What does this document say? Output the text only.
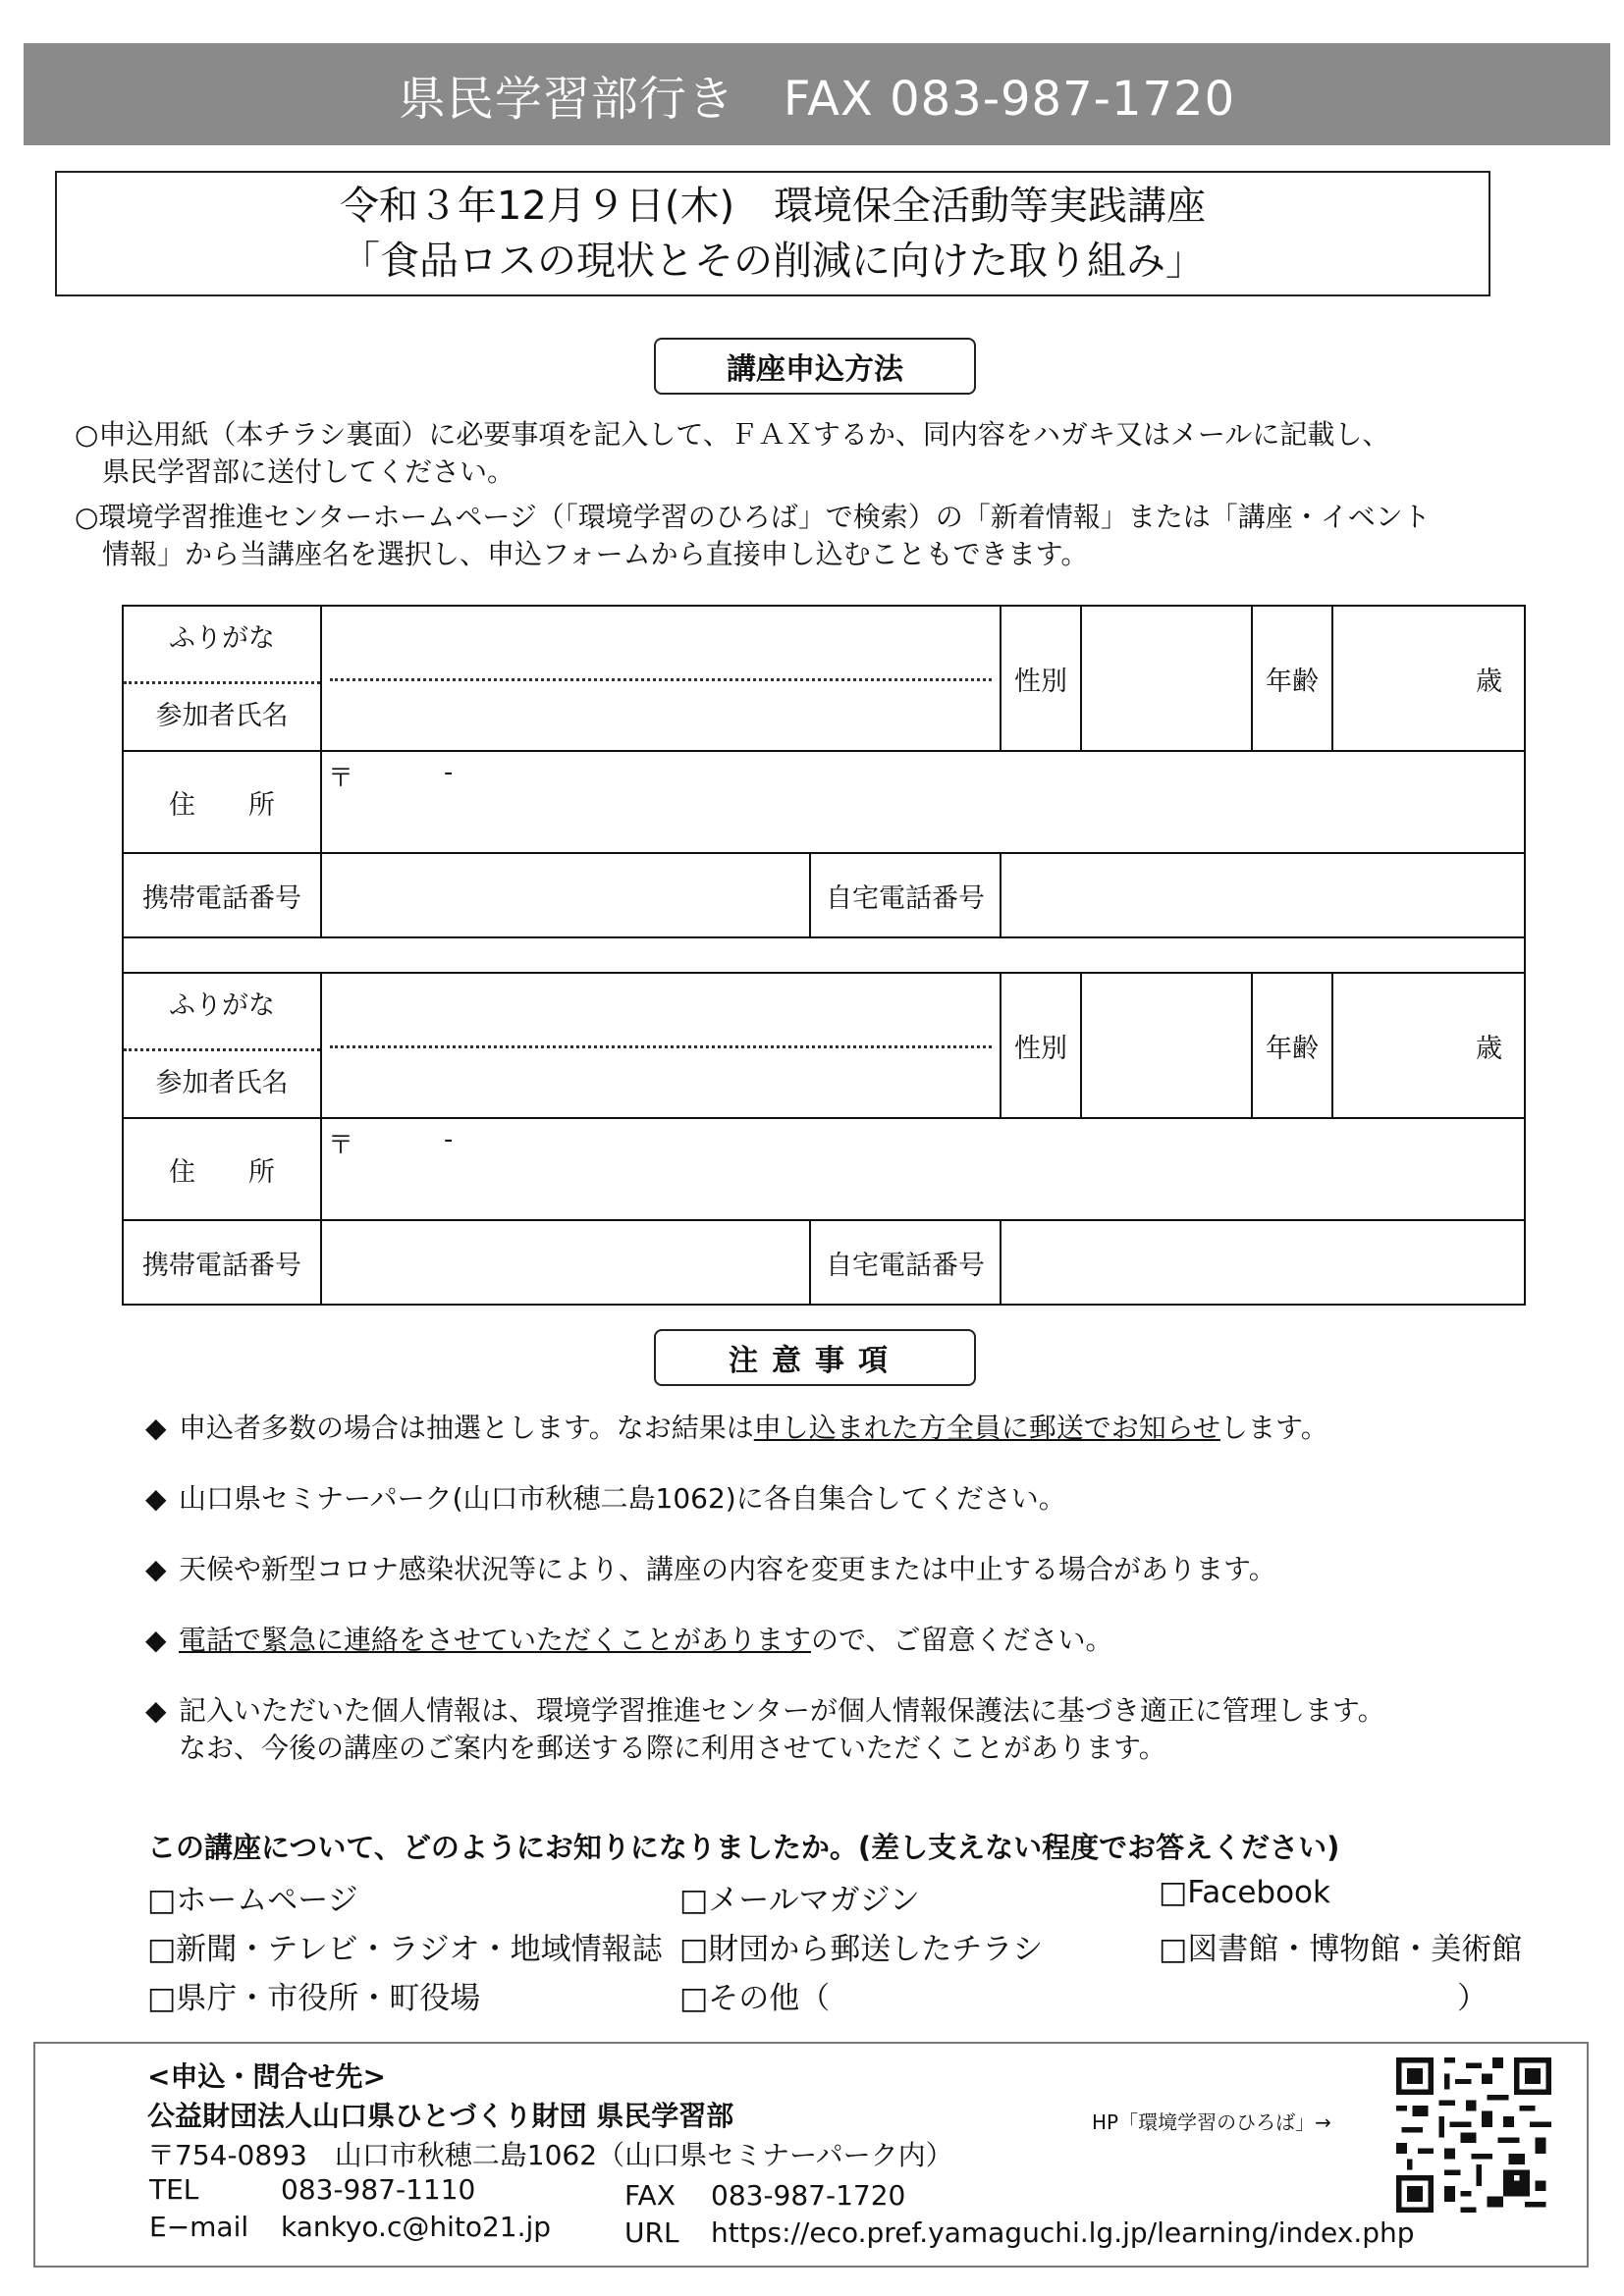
県民学習部行き　FAX 083-987-1720
令和３年12月９日(木)　環境保全活動等実践講座
「食品ロスの現状とその削減に向けた取り組み」
講座申込方法
○申込用紙（本チラシ裏面）に必要事項を記入して、ＦＡＸするか、同内容をハガキ又はメールに記載し、
県民学習部に送付してください。
○環境学習推進センターホームページ（「環境学習のひろば」で検索）の「新着情報」または「講座・イベント
情報」から当講座名を選択し、申込フォームから直接申し込むこともできます。
ふりがな
参加者氏名			性別		年齢	歳
住　　所	〒 -					

携帯電話番号		自宅電話番号				

ふりがな
参加者氏名			性別		年齢	歳
住　　所	〒 -					

携帯電話番号		自宅電話番号				
注意事項
◆ 申込者多数の場合は抽選とします。なお結果は申し込まれた方全員に郵送でお知らせします。
◆ 山口県セミナーパーク(山口市秋穂二島1062)に各自集合してください。
◆ 天候や新型コロナ感染状況等により、講座の内容を変更または中止する場合があります。
◆ 電話で緊急に連絡をさせていただくことがありますので、ご留意ください。
◆ 記入いただいた個人情報は、環境学習推進センターが個人情報保護法に基づき適正に管理します。
なお、今後の講座のご案内を郵送する際に利用させていただくことがあります。
この講座について、どのようにお知りになりましたか。(差し支えない程度でお答えください)
□ホームページ	□メールマガジン	□Facebook
□新聞・テレビ・ラジオ・地域情報誌 □財団から郵送したチラシ	□図書館・博物館・美術館
□県庁・市役所・町役場	□その他（	）
<申込・問合せ先>
公益財団法人山口県ひとづくり財団 県民学習部	HP「環境学習のひろば」→
〒754-0893　山口市秋穂二島1062（山口県セミナーパーク内）
TEL	083-987-1110	FAX 083-987-1720
E−mail kankyo.c@hito21.jp	URL https://eco.pref.yamaguchi.lg.jp/learning/index.php
